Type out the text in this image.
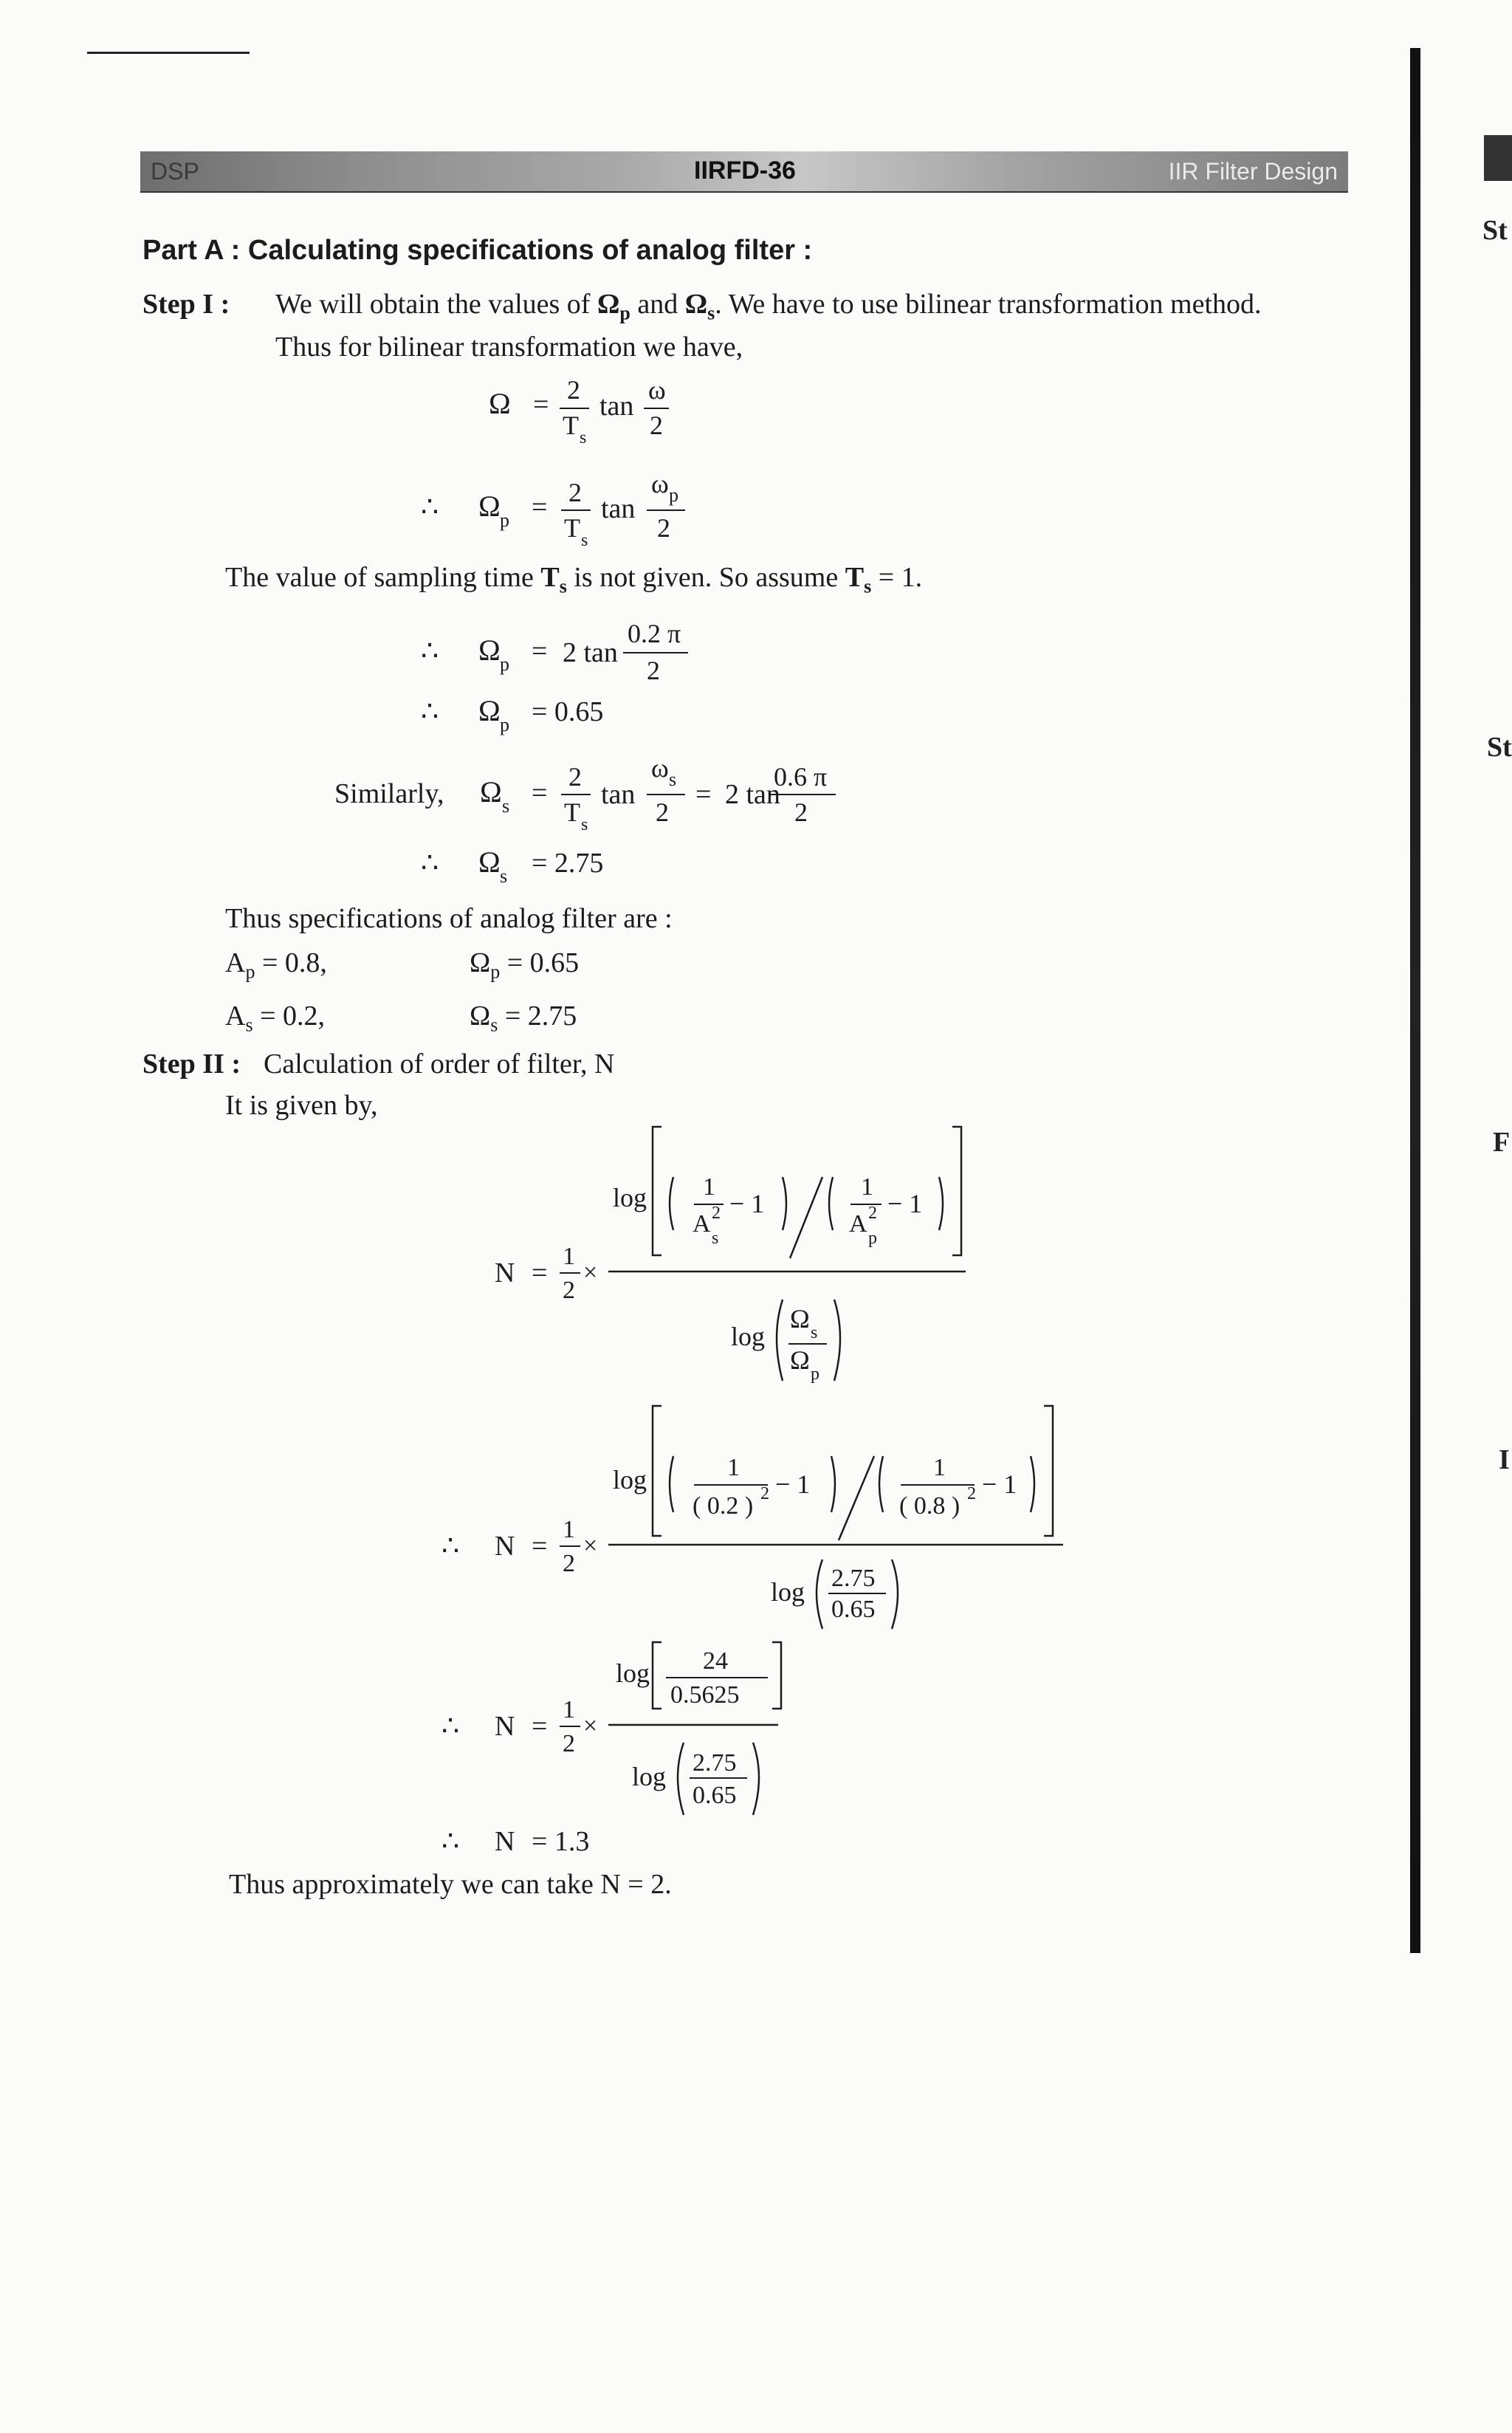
DSP	IIRFD-36	IIR Filter Design
St
St
F
I
Part A : Calculating specifications of analog filter :
Step I : We will obtain the values of $\Omega_p$ and $\Omega_s$. We have to use bilinear transformation method.
Thus for bilinear transformation we have,
Ω = 2
T s
tan
ω
2
∴ Ω p = 2
T s
tan
ω p
2
The value of sampling time $T_s$ is not given. So assume $T_s = 1$.
∴ Ω p = 2 tan
0.2 π
2
∴ Ω p = 0.65
Similarly, Ω s =
2
T s
tan
ω s
2
= 2 tan
0.6 π
2
∴ Ω s = 2.75
Thus specifications of analog filter are :
$A_p = 0.8$,	$\Omega_p = 0.65$
$A_s = 0.2$,	$\Omega_s = 2.75$
Step II : Calculation of order of filter, N
It is given by,
log 1
A 2
s
− 1
1
A 2
p
− 1
N =
1
2
×
log
Ω s
Ω p
log	1
( 0.2 ) 2 − 1
1
( 0.8 ) 2 − 1
∴ N =
1
2
×
log 2.75
0.65
log 24
0.5625
∴ N =
1
2
×
log 2.75
0.65
∴ N = 1.3
Thus approximately we can take N = 2.
